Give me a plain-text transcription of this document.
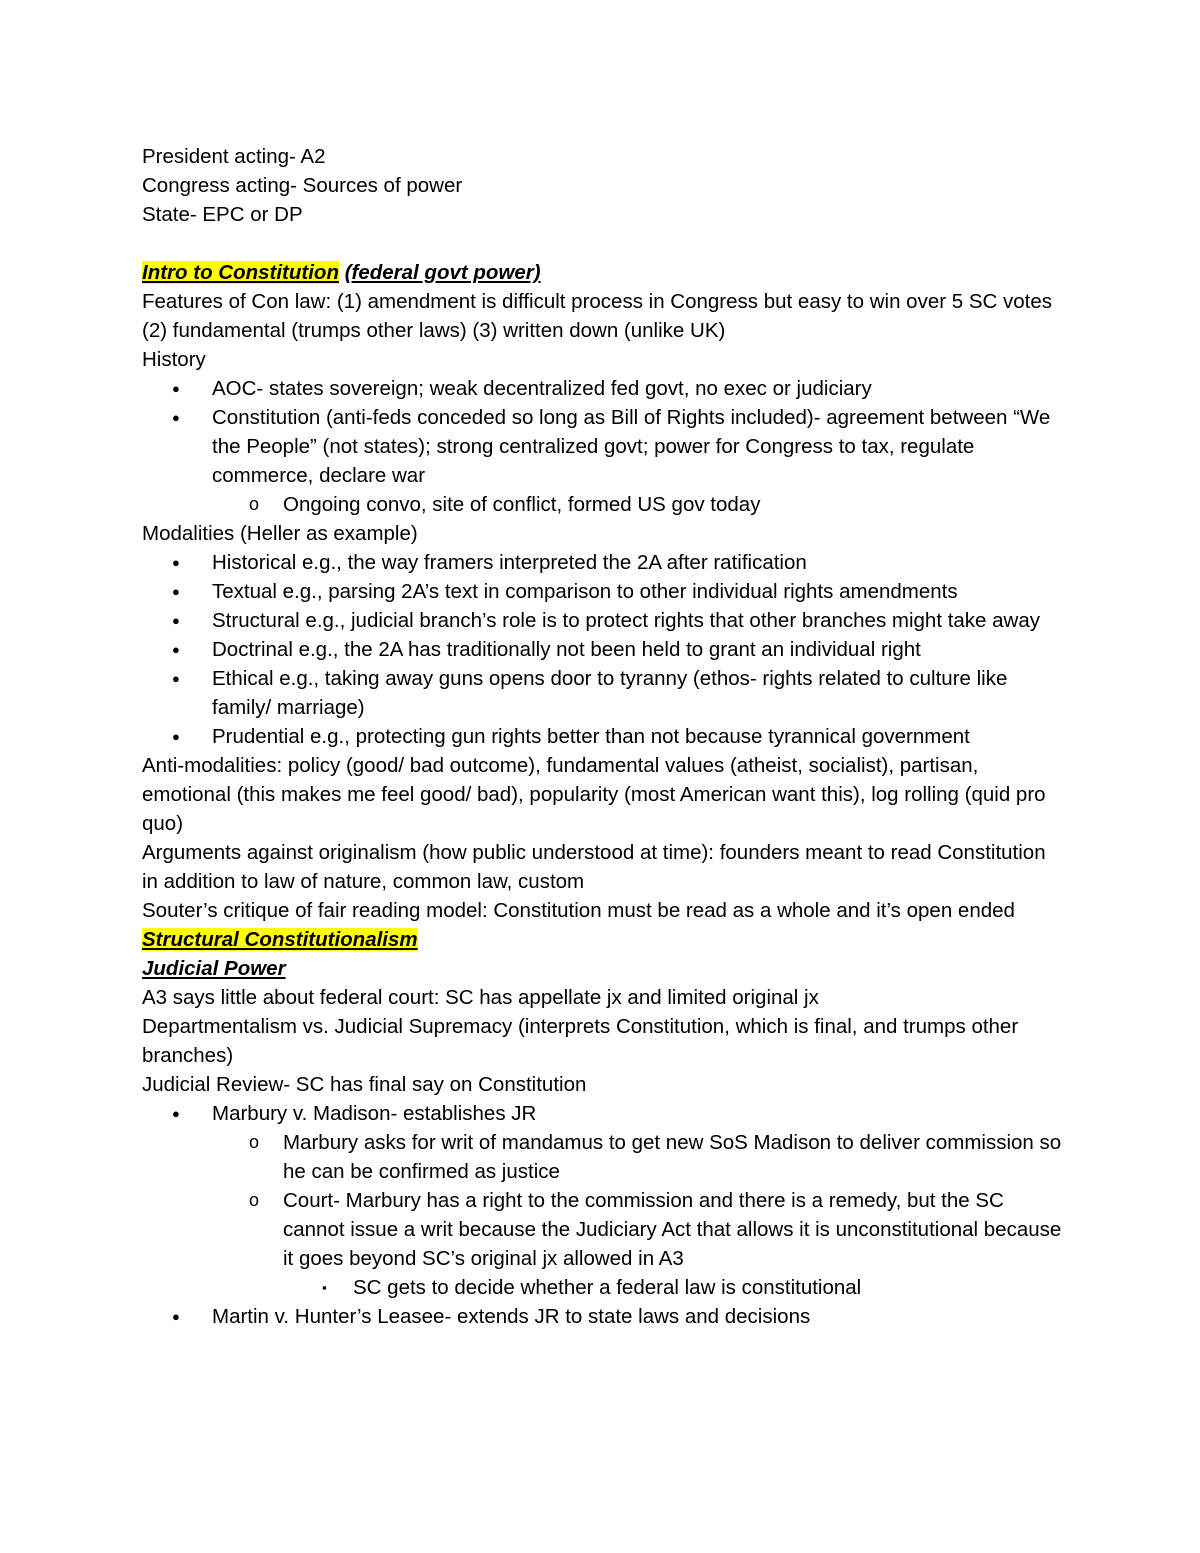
President acting- A2

Congress acting- Sources of power

State- EPC or DP

Intro to Constitution (federal govt power)

Features of Con law: (1) amendment is difficult process in Congress but easy to win over 5 SC votes (2) fundamental (trumps other laws) (3) written down (unlike UK)

History

● AOC- states sovereign; weak decentralized fed govt, no exec or judiciary
● Constitution (anti-feds conceded so long as Bill of Rights included)- agreement between “We the People” (not states); strong centralized govt; power for Congress to tax, regulate commerce, declare war
o Ongoing convo, site of conflict, formed US gov today

Modalities (Heller as example)

● Historical e.g., the way framers interpreted the 2A after ratification
● Textual e.g., parsing 2A’s text in comparison to other individual rights amendments
● Structural e.g., judicial branch’s role is to protect rights that other branches might take away
● Doctrinal e.g., the 2A has traditionally not been held to grant an individual right
● Ethical e.g., taking away guns opens door to tyranny (ethos- rights related to culture like family/ marriage)
● Prudential e.g., protecting gun rights better than not because tyrannical government

Anti-modalities: policy (good/ bad outcome), fundamental values (atheist, socialist), partisan, emotional (this makes me feel good/ bad), popularity (most American want this), log rolling (quid pro quo)

Arguments against originalism (how public understood at time): founders meant to read Constitution in addition to law of nature, common law, custom

Souter’s critique of fair reading model: Constitution must be read as a whole and it’s open ended

Structural Constitutionalism

Judicial Power

A3 says little about federal court: SC has appellate jx and limited original jx

Departmentalism vs. Judicial Supremacy (interprets Constitution, which is final, and trumps other branches)

Judicial Review- SC has final say on Constitution

● Marbury v. Madison- establishes JR
o Marbury asks for writ of mandamus to get new SoS Madison to deliver commission so he can be confirmed as justice
o Court- Marbury has a right to the commission and there is a remedy, but the SC cannot issue a writ because the Judiciary Act that allows it is unconstitutional because it goes beyond SC’s original jx allowed in A3
▪ SC gets to decide whether a federal law is constitutional
● Martin v. Hunter’s Leasee- extends JR to state laws and decisions
